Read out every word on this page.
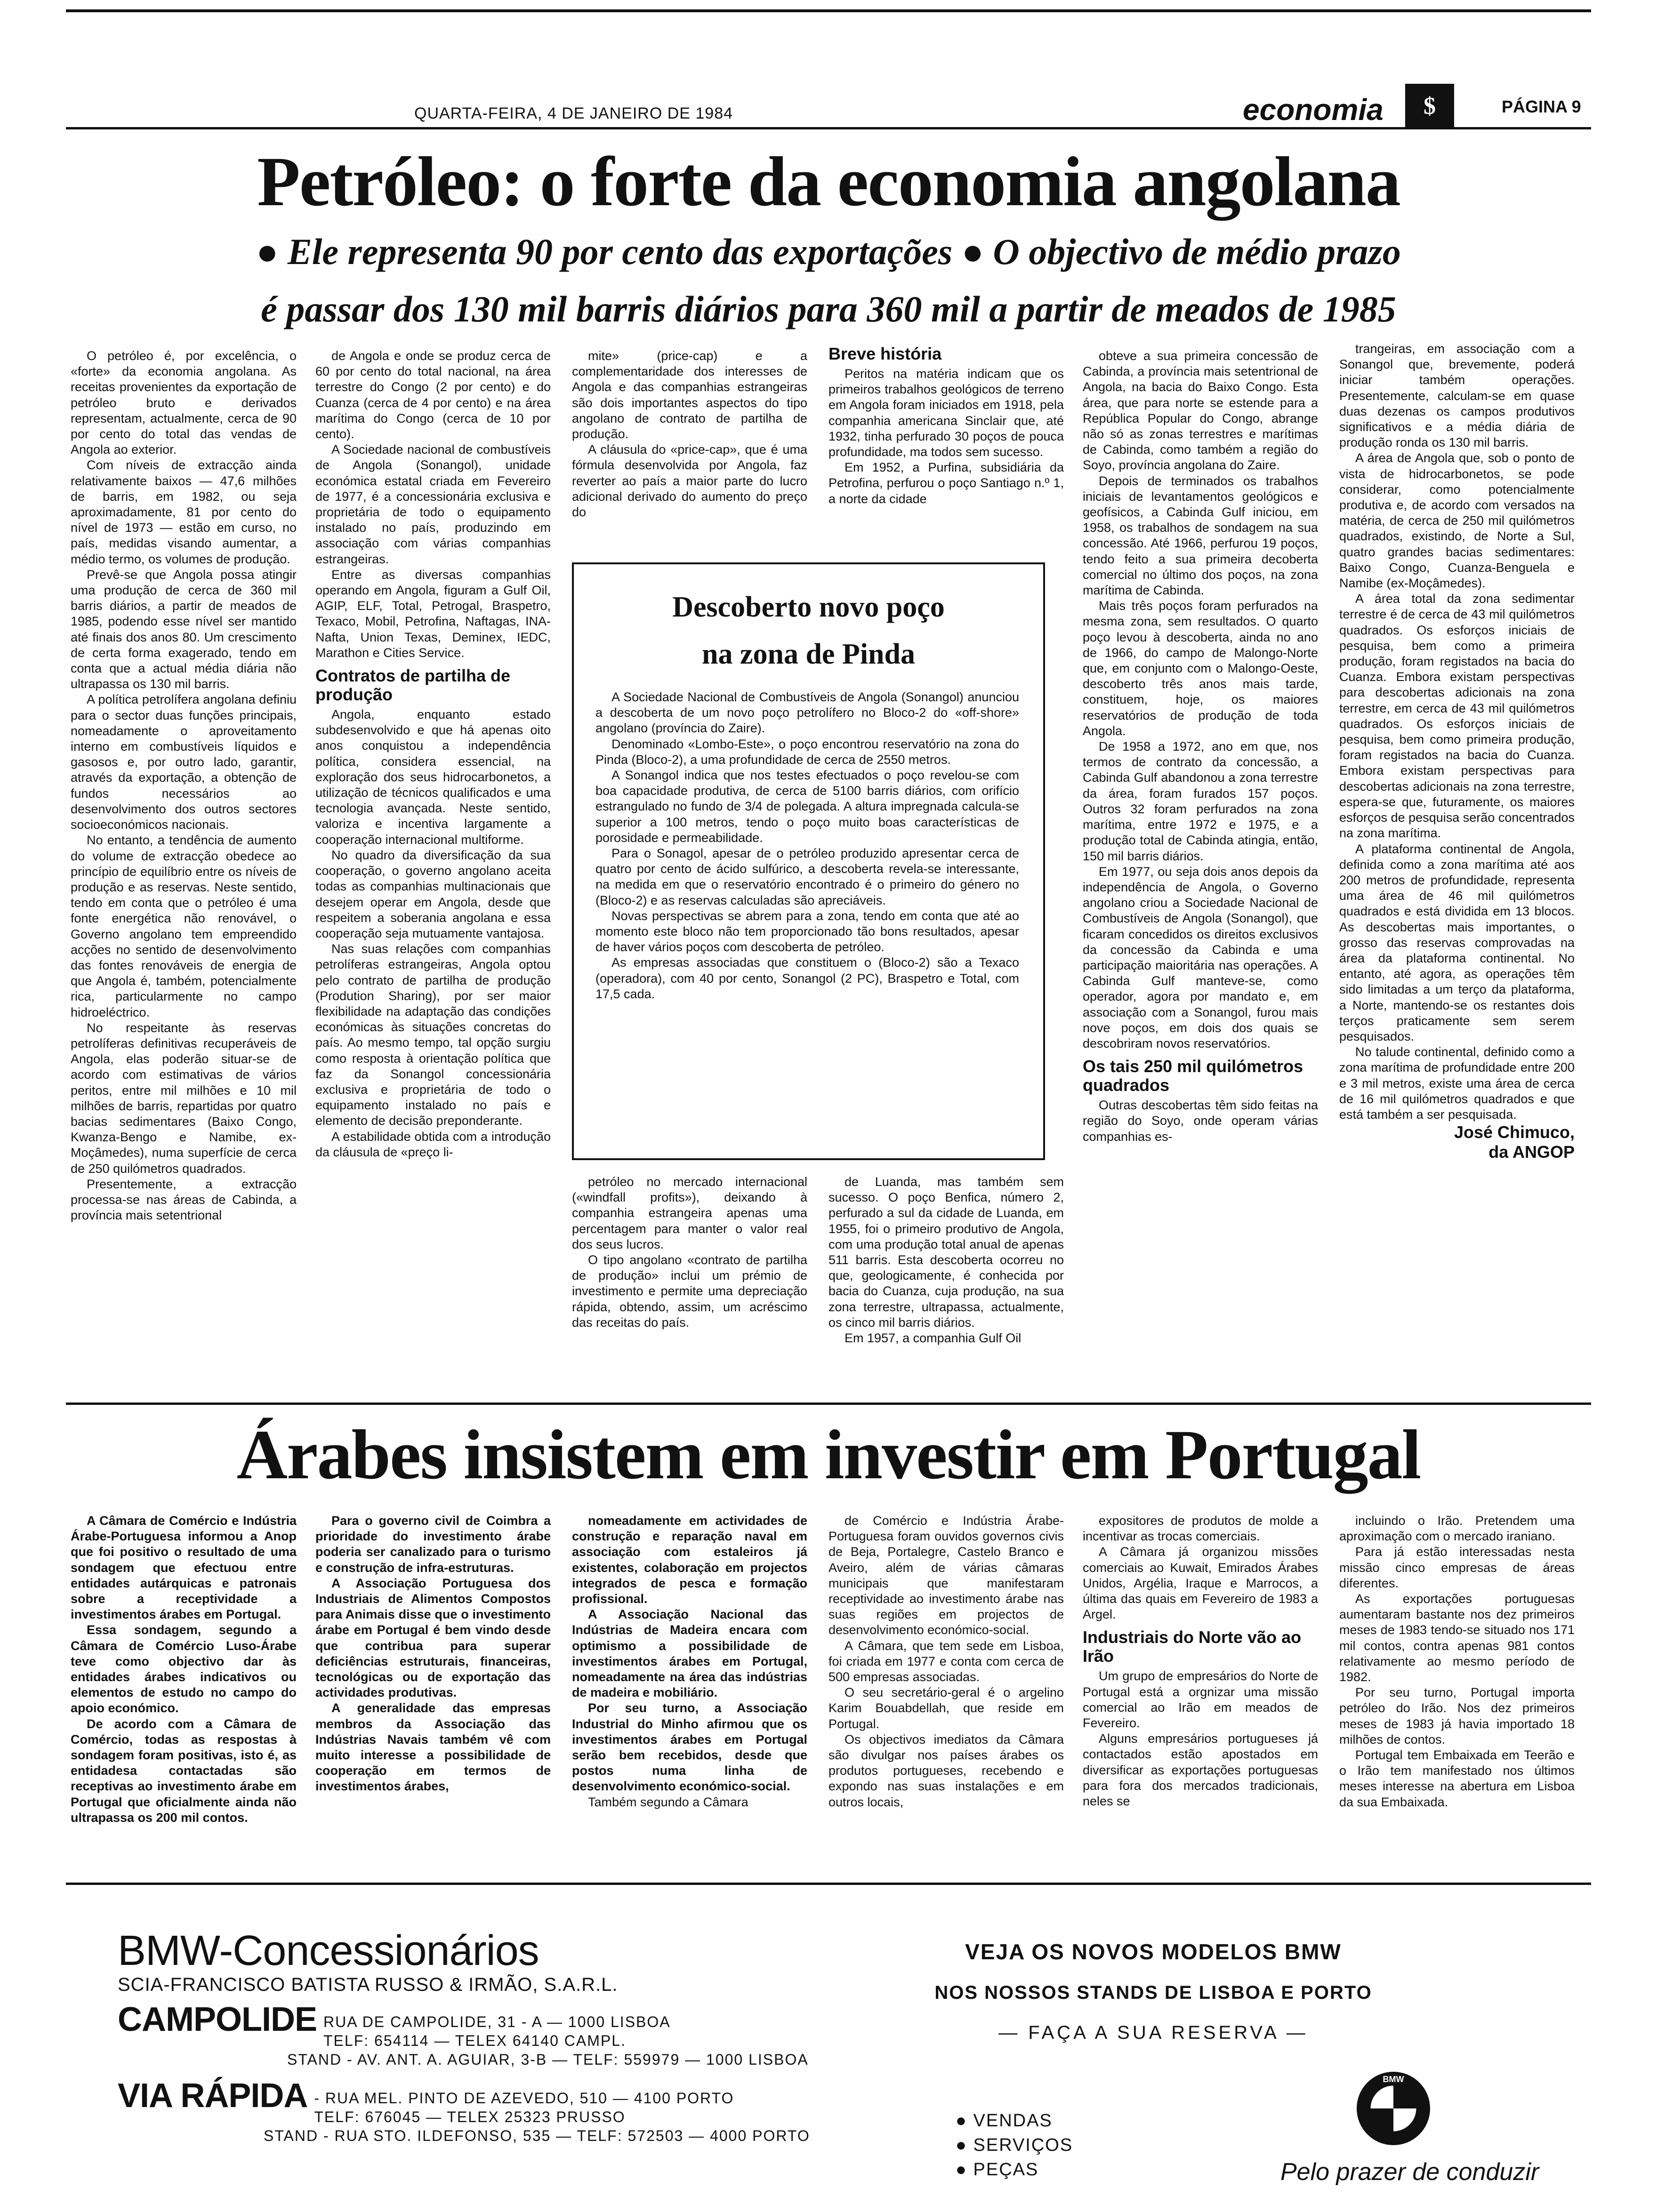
QUARTA-FEIRA, 4 DE JANEIRO DE 1984	economia	$	PÁGINA 9
Petróleo: o forte da economia angolana
● Ele representa 90 por cento das exportações ● O objectivo de médio prazo
é passar dos 130 mil barris diários para 360 mil a partir de meados de 1985

O petróleo é, por excelência, o «forte» da economia angolana. As receitas provenientes da exportação de petróleo bruto e derivados representam, actualmente, cerca de 90 por cento do total das vendas de Angola ao exterior.

Com níveis de extracção ainda relativamente baixos — 47,6 milhões de barris, em 1982, ou seja aproximadamente, 81 por cento do nível de 1973 — estão em curso, no país, medidas visando aumentar, a médio termo, os volumes de produção.

Prevê-se que Angola possa atingir uma produção de cerca de 360 mil barris diários, a partir de meados de 1985, podendo esse nível ser mantido até finais dos anos 80. Um crescimento de certa forma exagerado, tendo em conta que a actual média diária não ultrapassa os 130 mil barris.

A política petrolífera angolana definiu para o sector duas funções principais, nomeadamente o aproveitamento interno em combustíveis líquidos e gasosos e, por outro lado, garantir, através da exportação, a obtenção de fundos necessários ao desenvolvimento dos outros sectores socioeconómicos nacionais.

No entanto, a tendência de aumento do volume de extracção obedece ao princípio de equilíbrio entre os níveis de produção e as reservas. Neste sentido, tendo em conta que o petróleo é uma fonte energética não renovável, o Governo angolano tem empreendido acções no sentido de desenvolvimento das fontes renováveis de energia de que Angola é, também, potencialmente rica, particularmente no campo hidroeléctrico.

No respeitante às reservas petrolíferas definitivas recuperáveis de Angola, elas poderão situar-se de acordo com estimativas de vários peritos, entre mil milhões e 10 mil milhões de barris, repartidas por quatro bacias sedimentares (Baixo Congo, Kwanza-Bengo e Namibe, ex-Moçâmedes), numa superfície de cerca de 250 quilómetros quadrados.

Presentemente, a extracção processa-se nas áreas de Cabinda, a província mais setentrional

de Angola e onde se produz cerca de 60 por cento do total nacional, na área terrestre do Congo (2 por cento) e do Cuanza (cerca de 4 por cento) e na área marítima do Congo (cerca de 10 por cento).

A Sociedade nacional de combustíveis de Angola (Sonangol), unidade económica estatal criada em Fevereiro de 1977, é a concessionária exclusiva e proprietária de todo o equipamento instalado no país, produzindo em associação com várias companhias estrangeiras.

Entre as diversas companhias operando em Angola, figuram a Gulf Oil, AGIP, ELF, Total, Petrogal, Braspetro, Texaco, Mobil, Petrofina, Naftagas, INA-Nafta, Union Texas, Deminex, IEDC, Marathon e Cities Service.

Contratos de partilha de produção

Angola, enquanto estado subdesenvolvido e que há apenas oito anos conquistou a independência política, considera essencial, na exploração dos seus hidrocarbonetos, a utilização de técnicos qualificados e uma tecnologia avançada. Neste sentido, valoriza e incentiva largamente a cooperação internacional multiforme.

No quadro da diversificação da sua cooperação, o governo angolano aceita todas as companhias multinacionais que desejem operar em Angola, desde que respeitem a soberania angolana e essa cooperação seja mutuamente vantajosa.

Nas suas relações com companhias petrolíferas estrangeiras, Angola optou pelo contrato de partilha de produção (Prodution Sharing), por ser maior flexibilidade na adaptação das condições económicas às situações concretas do país. Ao mesmo tempo, tal opção surgiu como resposta à orientação política que faz da Sonangol concessionária exclusiva e proprietária de todo o equipamento instalado no país e elemento de decisão preponderante.

A estabilidade obtida com a introdução da cláusula de «preço li-

mite» (price-cap) e a complementaridade dos interesses de Angola e das companhias estrangeiras são dois importantes aspectos do tipo angolano de contrato de partilha de produção.

A cláusula do «price-cap», que é uma fórmula desenvolvida por Angola, faz reverter ao país a maior parte do lucro adicional derivado do aumento do preço do

petróleo no mercado internacional («windfall profits»), deixando à companhia estrangeira apenas uma percentagem para manter o valor real dos seus lucros.

O tipo angolano «contrato de partilha de produção» inclui um prémio de investimento e permite uma depreciação rápida, obtendo, assim, um acréscimo das receitas do país.

Breve história

Peritos na matéria indicam que os primeiros trabalhos geológicos de terreno em Angola foram iniciados em 1918, pela companhia americana Sinclair que, até 1932, tinha perfurado 30 poços de pouca profundidade, ma todos sem sucesso.

Em 1952, a Purfina, subsidiária da Petrofina, perfurou o poço Santiago n.º 1, a norte da cidade

de Luanda, mas também sem sucesso. O poço Benfica, número 2, perfurado a sul da cidade de Luanda, em 1955, foi o primeiro produtivo de Angola, com uma produção total anual de apenas 511 barris. Esta descoberta ocorreu no que, geologicamente, é conhecida por bacia do Cuanza, cuja produção, na sua zona terrestre, ultrapassa, actualmente, os cinco mil barris diários.

Em 1957, a companhia Gulf Oil

obteve a sua primeira concessão de Cabinda, a província mais setentrional de Angola, na bacia do Baixo Congo. Esta área, que para norte se estende para a República Popular do Congo, abrange não só as zonas terrestres e marítimas de Cabinda, como também a região do Soyo, província angolana do Zaire.

Depois de terminados os trabalhos iniciais de levantamentos geológicos e geofísicos, a Cabinda Gulf iniciou, em 1958, os trabalhos de sondagem na sua concessão. Até 1966, perfurou 19 poços, tendo feito a sua primeira decoberta comercial no último dos poços, na zona marítima de Cabinda.

Mais três poços foram perfurados na mesma zona, sem resultados. O quarto poço levou à descoberta, ainda no ano de 1966, do campo de Malongo-Norte que, em conjunto com o Malongo-Oeste, descoberto três anos mais tarde, constituem, hoje, os maiores reservatórios de produção de toda Angola.

De 1958 a 1972, ano em que, nos termos de contrato da concessão, a Cabinda Gulf abandonou a zona terrestre da área, foram furados 157 poços. Outros 32 foram perfurados na zona marítima, entre 1972 e 1975, e a produção total de Cabinda atingia, então, 150 mil barris diários.

Em 1977, ou seja dois anos depois da independência de Angola, o Governo angolano criou a Sociedade Nacional de Combustíveis de Angola (Sonangol), que ficaram concedidos os direitos exclusivos da concessão da Cabinda e uma participação maioritária nas operações. A Cabinda Gulf manteve-se, como operador, agora por mandato e, em associação com a Sonangol, furou mais nove poços, em dois dos quais se descobriram novos reservatórios.

Os tais 250 mil quilómetros quadrados

Outras descobertas têm sido feitas na região do Soyo, onde operam várias companhias es-

trangeiras, em associação com a Sonangol que, brevemente, poderá iniciar também operações. Presentemente, calculam-se em quase duas dezenas os campos produtivos significativos e a média diária de produção ronda os 130 mil barris.

A área de Angola que, sob o ponto de vista de hidrocarbonetos, se pode considerar, como potencialmente produtiva e, de acordo com versados na matéria, de cerca de 250 mil quilómetros quadrados, existindo, de Norte a Sul, quatro grandes bacias sedimentares: Baixo Congo, Cuanza-Benguela e Namibe (ex-Moçâmedes).

A área total da zona sedimentar terrestre é de cerca de 43 mil quilómetros quadrados. Os esforços iniciais de pesquisa, bem como a primeira produção, foram registados na bacia do Cuanza. Embora existam perspectivas para descobertas adicionais na zona terrestre, em cerca de 43 mil quilómetros quadrados. Os esforços iniciais de pesquisa, bem como primeira produção, foram registados na bacia do Cuanza. Embora existam perspectivas para descobertas adicionais na zona terrestre, espera-se que, futuramente, os maiores esforços de pesquisa serão concentrados na zona marítima.

A plataforma continental de Angola, definida como a zona marítima até aos 200 metros de profundidade, representa uma área de 46 mil quilómetros quadrados e está dividida em 13 blocos. As descobertas mais importantes, o grosso das reservas comprovadas na área da plataforma continental. No entanto, até agora, as operações têm sido limitadas a um terço da plataforma, a Norte, mantendo-se os restantes dois terços praticamente sem serem pesquisados.

No talude continental, definido como a zona marítima de profundidade entre 200 e 3 mil metros, existe uma área de cerca de 16 mil quilómetros quadrados e que está também a ser pesquisada.

José Chimuco,
da ANGOP
Descoberto novo poço
na zona de Pinda

A Sociedade Nacional de Combustíveis de Angola (Sonangol) anunciou a descoberta de um novo poço petrolífero no Bloco-2 do «off-shore» angolano (província do Zaire).

Denominado «Lombo-Este», o poço encontrou reservatório na zona do Pinda (Bloco-2), a uma profundidade de cerca de 2550 metros.

A Sonangol indica que nos testes efectuados o poço revelou-se com boa capacidade produtiva, de cerca de 5100 barris diários, com orifício estrangulado no fundo de 3/4 de polegada. A altura impregnada calcula-se superior a 100 metros, tendo o poço muito boas características de porosidade e permeabilidade.

Para o Sonagol, apesar de o petróleo produzido apresentar cerca de quatro por cento de ácido sulfúrico, a descoberta revela-se interessante, na medida em que o reservatório encontrado é o primeiro do género no (Bloco-2) e as reservas calculadas são apreciáveis.

Novas perspectivas se abrem para a zona, tendo em conta que até ao momento este bloco não tem proporcionado tão bons resultados, apesar de haver vários poços com descoberta de petróleo.

As empresas associadas que constituem o (Bloco-2) são a Texaco (operadora), com 40 por cento, Sonangol (2 PC), Braspetro e Total, com 17,5 cada.

Árabes insistem em investir em Portugal

A Câmara de Comércio e Indústria Árabe-Portuguesa informou a Anop que foi positivo o resultado de uma sondagem que efectuou entre entidades autárquicas e patronais sobre a receptividade a investimentos árabes em Portugal.

Essa sondagem, segundo a Câmara de Comércio Luso-Árabe teve como objectivo dar às entidades árabes indicativos ou elementos de estudo no campo do apoio económico.

De acordo com a Câmara de Comércio, todas as respostas à sondagem foram positivas, isto é, as entidadesa contactadas são receptivas ao investimento árabe em Portugal que oficialmente ainda não ultrapassa os 200 mil contos.

Para o governo civil de Coimbra a prioridade do investimento árabe poderia ser canalizado para o turismo e construção de infra-estruturas.

A Associação Portuguesa dos Industriais de Alimentos Compostos para Animais disse que o investimento árabe em Portugal é bem vindo desde que contribua para superar deficiências estruturais, financeiras, tecnológicas ou de exportação das actividades produtivas.

A generalidade das empresas membros da Associação das Indústrias Navais também vê com muito interesse a possibilidade de cooperação em termos de investimentos árabes,

nomeadamente em actividades de construção e reparação naval em associação com estaleiros já existentes, colaboração em projectos integrados de pesca e formação profissional.

A Associação Nacional das Indústrias de Madeira encara com optimismo a possibilidade de investimentos árabes em Portugal, nomeadamente na área das indústrias de madeira e mobiliário.

Por seu turno, a Associação Industrial do Minho afirmou que os investimentos árabes em Portugal serão bem recebidos, desde que postos numa linha de desenvolvimento económico-social.

Também segundo a Câmara

de Comércio e Indústria Árabe-Portuguesa foram ouvidos governos civis de Beja, Portalegre, Castelo Branco e Aveiro, além de várias câmaras municipais que manifestaram receptividade ao investimento árabe nas suas regiões em projectos de desenvolvimento económico-social.

A Câmara, que tem sede em Lisboa, foi criada em 1977 e conta com cerca de 500 empresas associadas.

O seu secretário-geral é o argelino Karim Bouabdellah, que reside em Portugal.

Os objectivos imediatos da Câmara são divulgar nos países árabes os produtos portugueses, recebendo e expondo nas suas instalações e em outros locais,

expositores de produtos de molde a incentivar as trocas comerciais.

A Câmara já organizou missões comerciais ao Kuwait, Emirados Árabes Unidos, Argélia, Iraque e Marrocos, a última das quais em Fevereiro de 1983 a Argel.

Industriais do Norte vão ao Irão

Um grupo de empresários do Norte de Portugal está a orgnizar uma missão comercial ao Irão em meados de Fevereiro.

Alguns empresários portugueses já contactados estão apostados em diversificar as exportações portuguesas para fora dos mercados tradicionais, neles se

incluindo o Irão. Pretendem uma aproximação com o mercado iraniano.

Para já estão interessadas nesta missão cinco empresas de áreas diferentes.

As exportações portuguesas aumentaram bastante nos dez primeiros meses de 1983 tendo-se situado nos 171 mil contos, contra apenas 981 contos relativamente ao mesmo período de 1982.

Por seu turno, Portugal importa petróleo do Irão. Nos dez primeiros meses de 1983 já havia importado 18 milhões de contos.

Portugal tem Embaixada em Teerão e o Irão tem manifestado nos últimos meses interesse na abertura em Lisboa da sua Embaixada.

BMW-Concessionários
SCIA-FRANCISCO BATISTA RUSSO & IRMÃO, S.A.R.L.
CAMPOLIDE RUA DE CAMPOLIDE, 31 - A — 1000 LISBOA
TELF: 654114 — TELEX 64140 CAMPL.
STAND - AV. ANT. A. AGUIAR, 3-B — TELF: 559979 — 1000 LISBOA
VIA RÁPIDA - RUA MEL. PINTO DE AZEVEDO, 510 — 4100 PORTO
TELF: 676045 — TELEX 25323 PRUSSO
STAND - RUA STO. ILDEFONSO, 535 — TELF: 572503 — 4000 PORTO
VEJA OS NOVOS MODELOS BMW
NOS NOSSOS STANDS DE LISBOA E PORTO
— FAÇA A SUA RESERVA —
● VENDAS
● SERVIÇOS
● PEÇAS
BMW
Pelo prazer de conduzir
